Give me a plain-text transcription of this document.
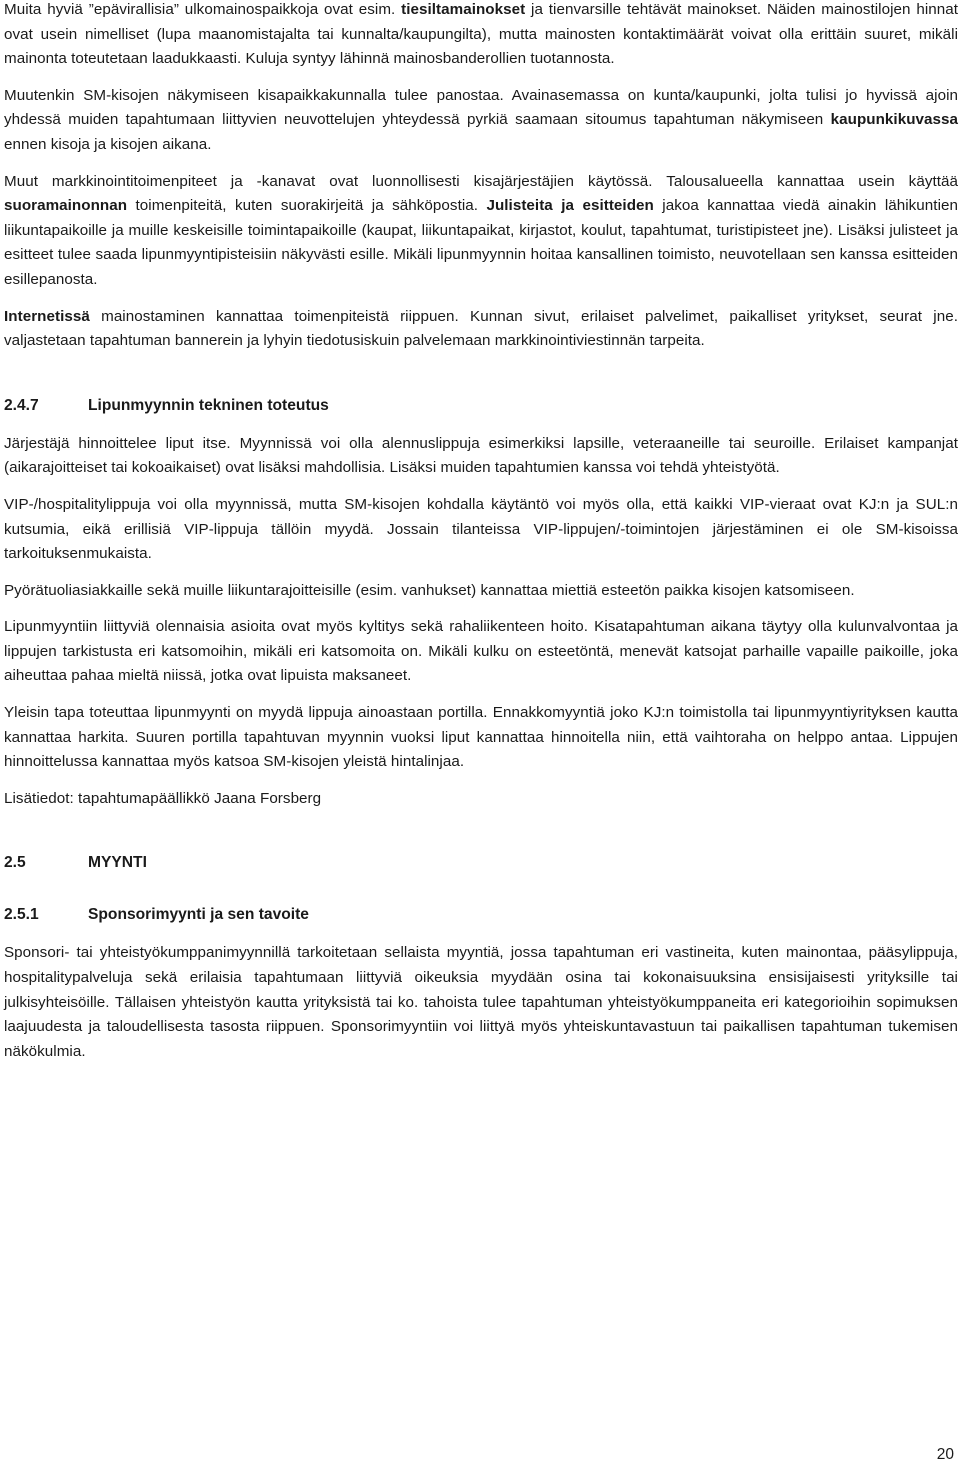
Muita hyviä ”epävirallisia” ulkomainospaikkoja ovat esim. tiesiltamainokset ja tienvarsille tehtävät mainokset. Näiden mainostilojen hinnat ovat usein nimelliset (lupa maanomistajalta tai kunnalta/kaupungilta), mutta mainosten kontaktimäärät voivat olla erittäin suuret, mikäli mainonta toteutetaan laadukkaasti. Kuluja syntyy lähinnä mainosbanderollien tuotannosta.

Muutenkin SM-kisojen näkymiseen kisapaikkakunnalla tulee panostaa. Avainasemassa on kunta/kaupunki, jolta tulisi jo hyvissä ajoin yhdessä muiden tapahtumaan liittyvien neuvottelujen yhteydessä pyrkiä saamaan sitoumus tapahtuman näkymiseen kaupunkikuvassa ennen kisoja ja kisojen aikana.

Muut markkinointitoimenpiteet ja -kanavat ovat luonnollisesti kisajärjestäjien käytössä. Talousalueella kannattaa usein käyttää suoramainonnan toimenpiteitä, kuten suorakirjeitä ja sähköpostia. Julisteita ja esitteiden jakoa kannattaa viedä ainakin lähikuntien liikuntapaikoille ja muille keskeisille toimintapaikoille (kaupat, liikuntapaikat, kirjastot, koulut, tapahtumat, turistipisteet jne). Lisäksi julisteet ja esitteet tulee saada lipunmyyntipisteisiin näkyvästi esille. Mikäli lipunmyynnin hoitaa kansallinen toimisto, neuvotellaan sen kanssa esitteiden esillepanosta.

Internetissä mainostaminen kannattaa toimenpiteistä riippuen. Kunnan sivut, erilaiset palvelimet, paikalliset yritykset, seurat jne. valjastetaan tapahtuman bannerein ja lyhyin tiedotusiskuin palvelemaan markkinointiviestinnän tarpeita.

2.4.7	Lipunmyynnin tekninen toteutus

Järjestäjä hinnoittelee liput itse. Myynnissä voi olla alennuslippuja esimerkiksi lapsille, veteraaneille tai seuroille. Erilaiset kampanjat (aikarajoitteiset tai kokoaikaiset) ovat lisäksi mahdollisia. Lisäksi muiden tapahtumien kanssa voi tehdä yhteistyötä.

VIP-/hospitalitylippuja voi olla myynnissä, mutta SM-kisojen kohdalla käytäntö voi myös olla, että kaikki VIP-vieraat ovat KJ:n ja SUL:n kutsumia, eikä erillisiä VIP-lippuja tällöin myydä. Jossain tilanteissa VIP-lippujen/-toimintojen järjestäminen ei ole SM-kisoissa tarkoituksenmukaista.

Pyörätuoliasiakkaille sekä muille liikuntarajoitteisille (esim. vanhukset) kannattaa miettiä esteetön paikka kisojen katsomiseen.

Lipunmyyntiin liittyviä olennaisia asioita ovat myös kyltitys sekä rahaliikenteen hoito. Kisatapahtuman aikana täytyy olla kulunvalvontaa ja lippujen tarkistusta eri katsomoihin, mikäli eri katsomoita on. Mikäli kulku on esteetöntä, menevät katsojat parhaille vapaille paikoille, joka aiheuttaa pahaa mieltä niissä, jotka ovat lipuista maksaneet.

Yleisin tapa toteuttaa lipunmyynti on myydä lippuja ainoastaan portilla. Ennakkomyyntiä joko KJ:n toimistolla tai lipunmyyntiyrityksen kautta kannattaa harkita. Suuren portilla tapahtuvan myynnin vuoksi liput kannattaa hinnoitella niin, että vaihtoraha on helppo antaa. Lippujen hinnoittelussa kannattaa myös katsoa SM-kisojen yleistä hintalinjaa.

Lisätiedot: tapahtumapäällikkö Jaana Forsberg

2.5	MYYNTI
2.5.1	Sponsorimyynti ja sen tavoite

Sponsori- tai yhteistyökumppanimyynnillä tarkoitetaan sellaista myyntiä, jossa tapahtuman eri vastineita, kuten mainontaa, pääsylippuja, hospitalitypalveluja sekä erilaisia tapahtumaan liittyviä oikeuksia myydään osina tai kokonaisuuksina ensisijaisesti yrityksille tai julkisyhteisöille. Tällaisen yhteistyön kautta yrityksistä tai ko. tahoista tulee tapahtuman yhteistyökumppaneita eri kategorioihin sopimuksen laajuudesta ja taloudellisesta tasosta riippuen. Sponsorimyyntiin voi liittyä myös yhteiskuntavastuun tai paikallisen tapahtuman tukemisen näkökulmia.

20
